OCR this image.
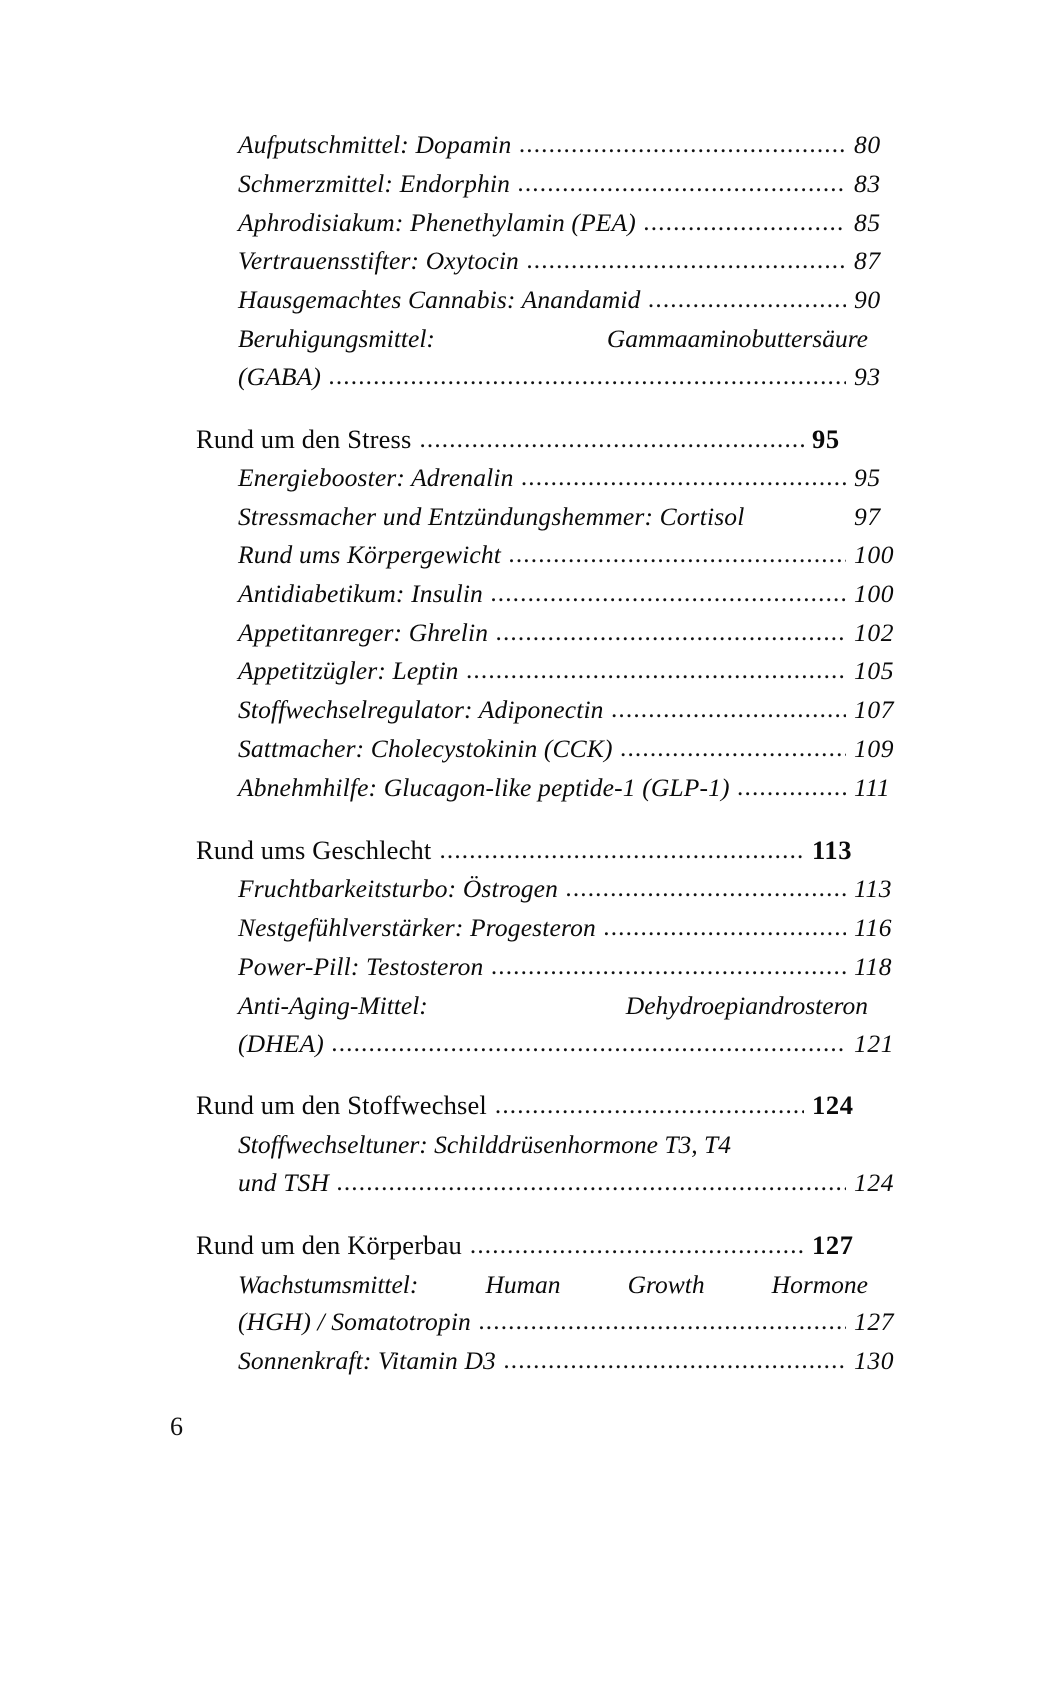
Aufputschmittel: Dopamin .....	80
Schmerzmittel: Endorphin .....	83
Aphrodisiakum: Phenethylamin (PEA) .....	85
Vertrauensstifter: Oxytocin .....	87
Hausgemachtes Cannabis: Anandamid .....	90
Beruhigungsmittel:	Gammaaminobuttersäure
(GABA) .....	93
Rund um den Stress .....	95
Energiebooster: Adrenalin .....	95
Stressmacher und Entzündungshemmer: Cortisol	97
Rund ums Körpergewicht .....	100
Antidiabetikum: Insulin .....	100
Appetitanreger: Ghrelin .....	102
Appetitzügler: Leptin .....	105
Stoffwechselregulator: Adiponectin .....	107
Sattmacher: Cholecystokinin (CCK) .....	109
Abnehmhilfe: Glucagon-like peptide-1 (GLP-1) .....	111
Rund ums Geschlecht .....	113
Fruchtbarkeitsturbo: Östrogen .....	113
Nestgefühlverstärker: Progesteron .....	116
Power-Pill: Testosteron .....	118
Anti-Aging-Mittel:	Dehydroepiandrosteron
(DHEA) .....	121
Rund um den Stoffwechsel .....	124
Stoffwechseltuner: Schilddrüsenhormone T3, T4
und TSH .....	124
Rund um den Körperbau .....	127
Wachstumsmittel:	Human	Growth	Hormone
(HGH) / Somatotropin .....	127
Sonnenkraft: Vitamin D3 .....	130
6
